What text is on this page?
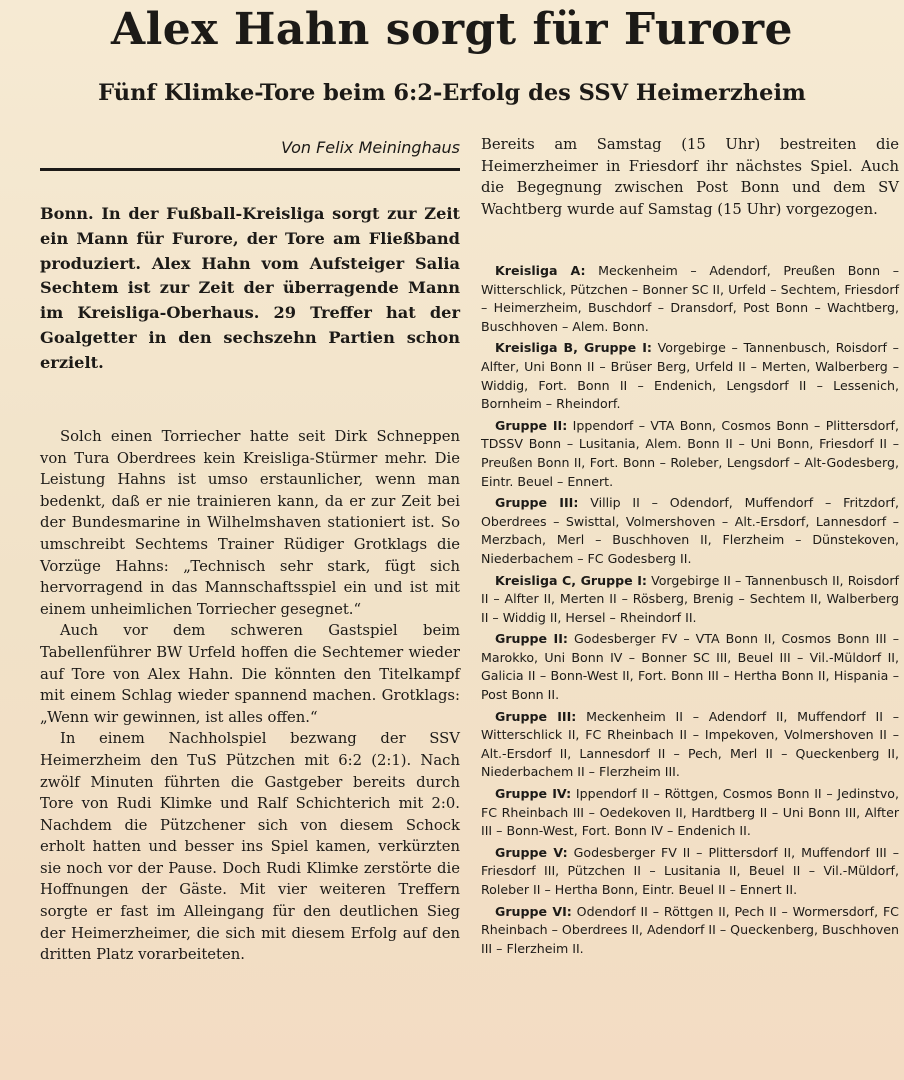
Alex Hahn sorgt für Furore
Fünf Klimke-Tore beim 6:2-Erfolg des SSV Heimerzheim
Von Felix Meininghaus

Bonn. In der Fußball-Kreisliga sorgt zur Zeit ein Mann für Furore, der Tore am Fließband produziert. Alex Hahn vom Aufsteiger Salia Sechtem ist zur Zeit der überragende Mann im Kreisliga-Oberhaus. 29 Treffer hat der Goalgetter in den sechszehn Partien schon erzielt.

Solch einen Torriecher hatte seit Dirk Schneppen von Tura Oberdrees kein Kreisliga-Stürmer mehr. Die Leistung Hahns ist umso erstaunlicher, wenn man bedenkt, daß er nie trainieren kann, da er zur Zeit bei der Bundesmarine in Wilhelmshaven stationiert ist. So umschreibt Sechtems Trainer Rüdiger Grotklags die Vorzüge Hahns: „Technisch sehr stark, fügt sich hervorragend in das Mannschaftsspiel ein und ist mit einem unheimlichen Torriecher gesegnet.“

Auch vor dem schweren Gastspiel beim Tabellenführer BW Urfeld hoffen die Sechtemer wieder auf Tore von Alex Hahn. Die könnten den Titelkampf mit einem Schlag wieder spannend machen. Grotklags: „Wenn wir gewinnen, ist alles offen.“

In einem Nachholspiel bezwang der SSV Heimerzheim den TuS Pützchen mit 6:2 (2:1). Nach zwölf Minuten führten die Gastgeber bereits durch Tore von Rudi Klimke und Ralf Schichterich mit 2:0. Nachdem die Pützchener sich von diesem Schock erholt hatten und besser ins Spiel kamen, verkürzten sie noch vor der Pause. Doch Rudi Klimke zerstörte die Hoffnungen der Gäste. Mit vier weiteren Treffern sorgte er fast im Alleingang für den deutlichen Sieg der Heimerzheimer, die sich mit diesem Erfolg auf den dritten Platz vorarbeiteten.

Bereits am Samstag (15 Uhr) bestreiten die Heimerzheimer in Friesdorf ihr nächstes Spiel. Auch die Begegnung zwischen Post Bonn und dem SV Wachtberg wurde auf Samstag (15 Uhr) vorgezogen.

Kreisliga A: Meckenheim – Adendorf, Preußen Bonn – Witterschlick, Pützchen – Bonner SC II, Urfeld – Sechtem, Friesdorf – Heimerzheim, Buschdorf – Dransdorf, Post Bonn – Wachtberg, Buschhoven – Alem. Bonn.

Kreisliga B, Gruppe I: Vorgebirge – Tannenbusch, Roisdorf – Alfter, Uni Bonn II – Brüser Berg, Urfeld II – Merten, Walberberg – Widdig, Fort. Bonn II – Endenich, Lengsdorf II – Lessenich, Bornheim – Rheindorf.

Gruppe II: Ippendorf – VTA Bonn, Cosmos Bonn – Plittersdorf, TDSSV Bonn – Lusitania, Alem. Bonn II – Uni Bonn, Friesdorf II – Preußen Bonn II, Fort. Bonn – Roleber, Lengsdorf – Alt-Godesberg, Eintr. Beuel – Ennert.

Gruppe III: Villip II – Odendorf, Muffendorf – Fritzdorf, Oberdrees – Swisttal, Volmershoven – Alt.-Ersdorf, Lannesdorf – Merzbach, Merl – Buschhoven II, Flerzheim – Dünstekoven, Niederbachem – FC Godesberg II.

Kreisliga C, Gruppe I: Vorgebirge II – Tannenbusch II, Roisdorf II – Alfter II, Merten II – Rösberg, Brenig – Sechtem II, Walberberg II – Widdig II, Hersel – Rheindorf II.

Gruppe II: Godesberger FV – VTA Bonn II, Cosmos Bonn III – Marokko, Uni Bonn IV – Bonner SC III, Beuel III – Vil.-Müldorf II, Galicia II – Bonn-West II, Fort. Bonn III – Hertha Bonn II, Hispania – Post Bonn II.

Gruppe III: Meckenheim II – Adendorf II, Muffendorf II – Witterschlick II, FC Rheinbach II – Impekoven, Volmershoven II – Alt.-Ersdorf II, Lannesdorf II – Pech, Merl II – Queckenberg II, Niederbachem II – Flerzheim III.

Gruppe IV: Ippendorf II – Röttgen, Cosmos Bonn II – Jedinstvo, FC Rheinbach III – Oedekoven II, Hardtberg II – Uni Bonn III, Alfter III – Bonn-West, Fort. Bonn IV – Endenich II.

Gruppe V: Godesberger FV II – Plittersdorf II, Muffendorf III – Friesdorf III, Pützchen II – Lusitania II, Beuel II – Vil.-Müldorf, Roleber II – Hertha Bonn, Eintr. Beuel II – Ennert II.

Gruppe VI: Odendorf II – Röttgen II, Pech II – Wormersdorf, FC Rheinbach – Oberdrees II, Adendorf II – Queckenberg, Buschhoven III – Flerzheim II.
